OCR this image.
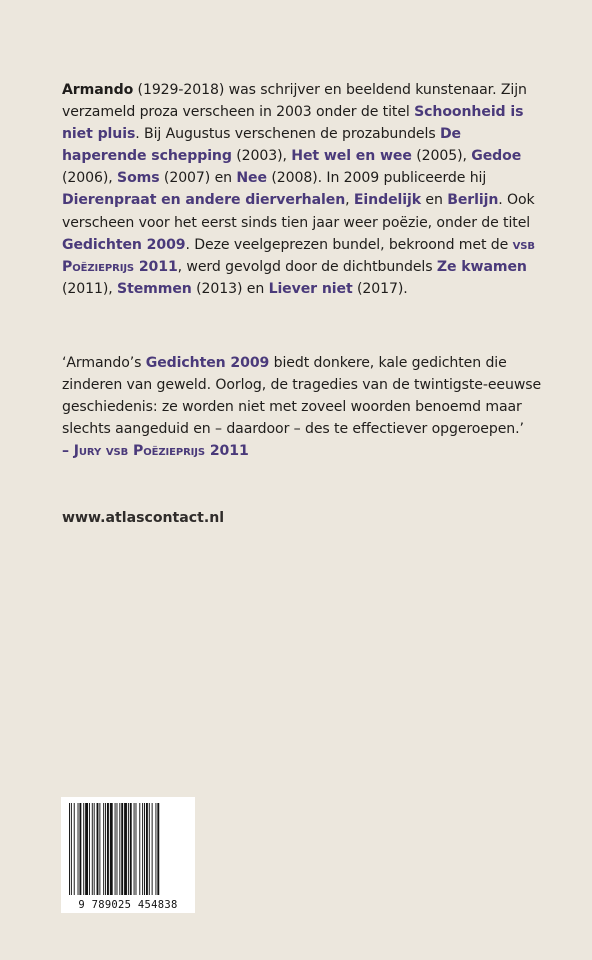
Armando (1929-2018) was schrijver en beeldend kunstenaar. Zijn verzameld proza verscheen in 2003 onder de titel Schoonheid is niet pluis. Bij Augustus verschenen de prozabundels De haperende schepping (2003), Het wel en wee (2005), Gedoe (2006), Soms (2007) en Nee (2008). In 2009 publiceerde hij Dierenpraat en andere dierverhalen, Eindelijk en Berlijn. Ook verscheen voor het eerst sinds tien jaar weer poëzie, onder de titel Gedichten 2009. Deze veelgeprezen bundel, bekroond met de vsb Poëzieprijs 2011, werd gevolgd door de dichtbundels Ze kwamen (2011), Stemmen (2013) en Liever niet (2017).

‘Armando’s Gedichten 2009 biedt donkere, kale gedichten die zinderen van geweld. Oorlog, de tragedies van de twintigste-eeuwse geschiedenis: ze worden niet met zoveel woorden benoemd maar slechts aangeduid en – daardoor – des te effectiever opgeroepen.’
– Jury vsb Poëzieprijs 2011

www.atlascontact.nl

9 789025 454838
